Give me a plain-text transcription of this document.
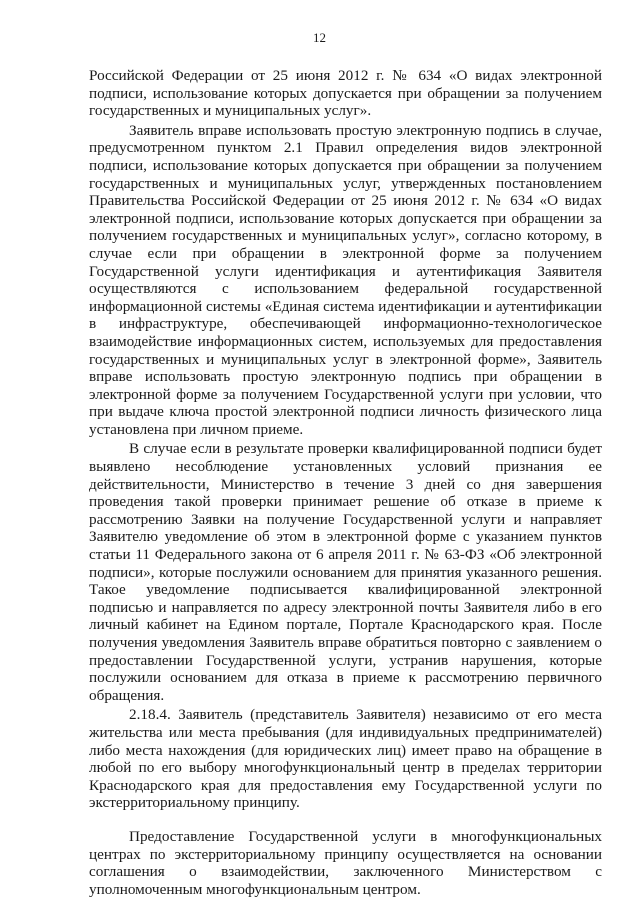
12

Российской Федерации от 25 июня 2012 г. № 634 «О видах электронной подписи, использование которых допускается при обращении за получением государственных и муниципальных услуг».

Заявитель вправе использовать простую электронную подпись в случае, предусмотренном пунктом 2.1 Правил определения видов электронной подписи, использование которых допускается при обращении за получением государственных и муниципальных услуг, утвержденных постановлением Правительства Российской Федерации от 25 июня 2012 г. № 634 «О видах электронной подписи, использование которых допускается при обращении за получением государственных и муниципальных услуг», согласно которому, в случае если при обращении в электронной форме за получением Государственной услуги идентификация и аутентификация Заявителя осуществляются с использованием федеральной государственной информационной системы «Единая система идентификации и аутентификации в инфраструктуре, обеспечивающей информационно-технологическое взаимодействие информационных систем, используемых для предоставления государственных и муниципальных услуг в электронной форме», Заявитель вправе использовать простую электронную подпись при обращении в электронной форме за получением Государственной услуги при условии, что при выдаче ключа простой электронной подписи личность физического лица установлена при личном приеме.

В случае если в результате проверки квалифицированной подписи будет выявлено несоблюдение установленных условий признания ее действительности, Министерство в течение 3 дней со дня завершения проведения такой проверки принимает решение об отказе в приеме к рассмотрению Заявки на получение Государственной услуги и направляет Заявителю уведомление об этом в электронной форме с указанием пунктов статьи 11 Федерального закона от 6 апреля 2011 г. № 63-ФЗ «Об электронной подписи», которые послужили основанием для принятия указанного решения. Такое уведомление подписывается квалифицированной электронной подписью и направляется по адресу электронной почты Заявителя либо в его личный кабинет на Едином портале, Портале Краснодарского края. После получения уведомления Заявитель вправе обратиться повторно с заявлением о предоставлении Государственной услуги, устранив нарушения, которые послужили основанием для отказа в приеме к рассмотрению первичного обращения.

2.18.4. Заявитель (представитель Заявителя) независимо от его места жительства или места пребывания (для индивидуальных предпринимателей) либо места нахождения (для юридических лиц) имеет право на обращение в любой по его выбору многофункциональный центр в пределах территории Краснодарского края для предоставления ему Государственной услуги по экстерриториальному принципу.

Предоставление Государственной услуги в многофункциональных центрах по экстерриториальному принципу осуществляется на основании соглашения о взаимодействии, заключенного Министерством с уполномоченным многофункциональным центром.
